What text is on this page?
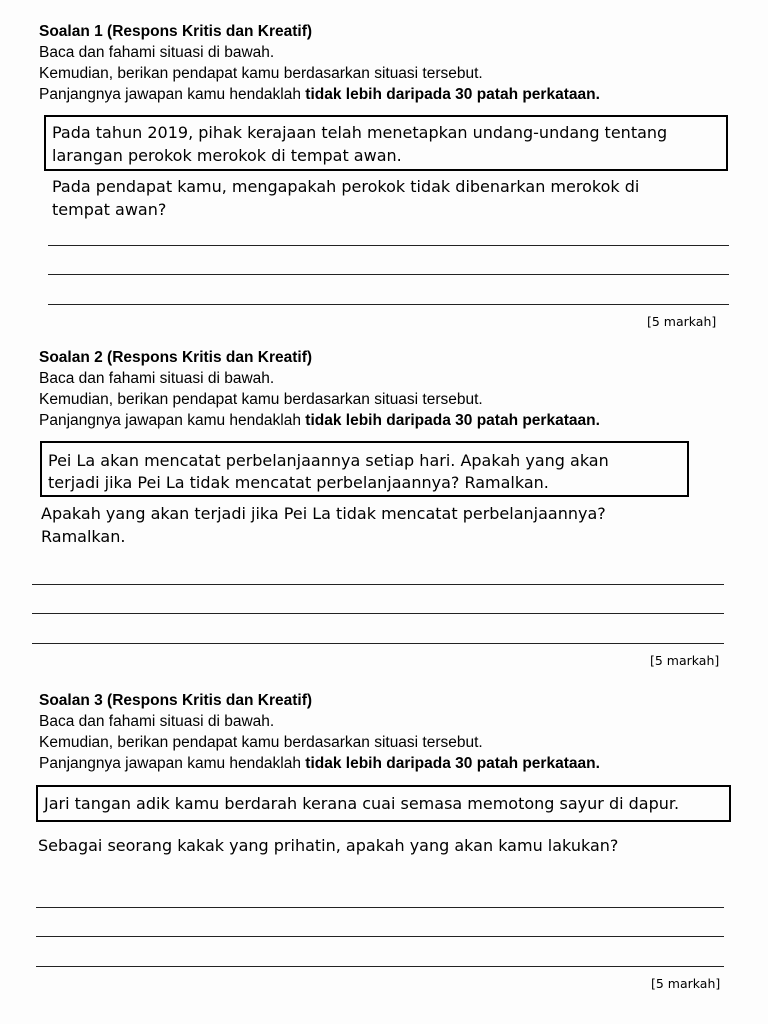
Soalan 1 (Respons Kritis dan Kreatif)
Baca dan fahami situasi di bawah.
Kemudian, berikan pendapat kamu berdasarkan situasi tersebut.
Panjangnya jawapan kamu hendaklah tidak lebih daripada 30 patah perkataan.
Pada tahun 2019, pihak kerajaan telah menetapkan undang-undang tentang
larangan perokok merokok di tempat awan.
Pada pendapat kamu, mengapakah perokok tidak dibenarkan merokok di
tempat awan?
[5 markah]
Soalan 2 (Respons Kritis dan Kreatif)
Baca dan fahami situasi di bawah.
Kemudian, berikan pendapat kamu berdasarkan situasi tersebut.
Panjangnya jawapan kamu hendaklah tidak lebih daripada 30 patah perkataan.
Pei La akan mencatat perbelanjaannya setiap hari. Apakah yang akan
terjadi jika Pei La tidak mencatat perbelanjaannya? Ramalkan.
Apakah yang akan terjadi jika Pei La tidak mencatat perbelanjaannya?
Ramalkan.
[5 markah]
Soalan 3 (Respons Kritis dan Kreatif)
Baca dan fahami situasi di bawah.
Kemudian, berikan pendapat kamu berdasarkan situasi tersebut.
Panjangnya jawapan kamu hendaklah tidak lebih daripada 30 patah perkataan.
Jari tangan adik kamu berdarah kerana cuai semasa memotong sayur di dapur.
Sebagai seorang kakak yang prihatin, apakah yang akan kamu lakukan?
[5 markah]
